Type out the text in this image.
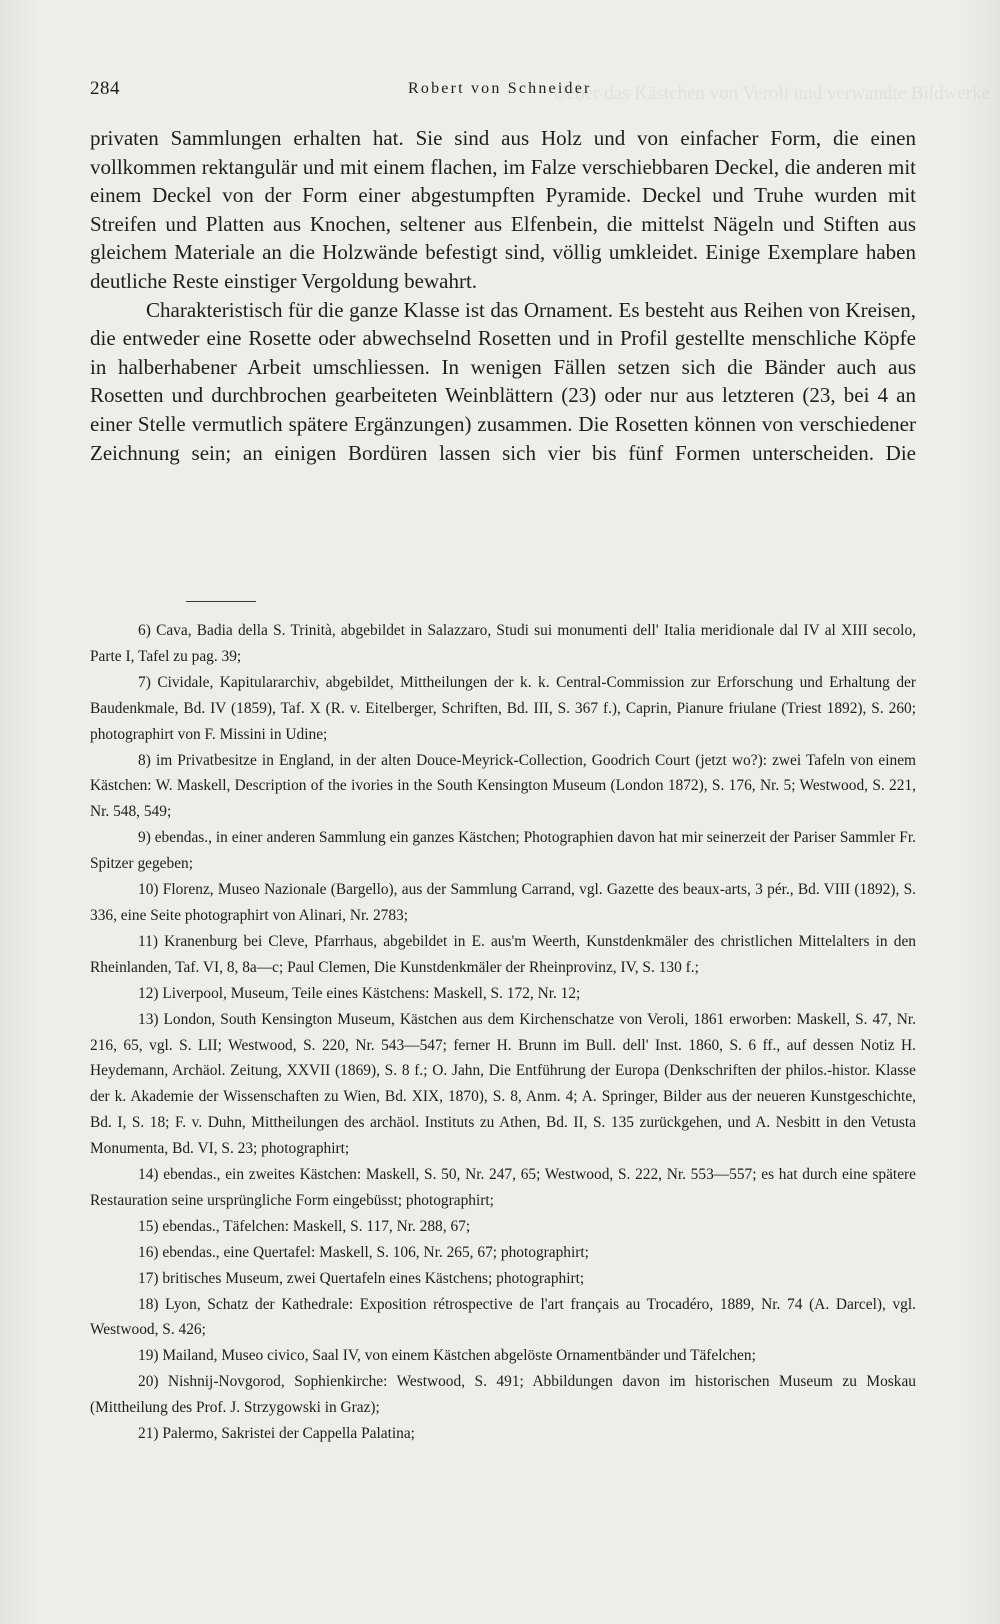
Ueber das Kästchen von Veroli und verwandte Bildwerke
284	Robert von Schneider

privaten Sammlungen erhalten hat. Sie sind aus Holz und von einfacher Form, die einen vollkommen rektangulär und mit einem flachen, im Falze verschiebbaren Deckel, die anderen mit einem Deckel von der Form einer abgestumpften Pyramide. Deckel und Truhe wurden mit Streifen und Platten aus Knochen, seltener aus Elfenbein, die mittelst Nägeln und Stiften aus gleichem Materiale an die Holzwände befestigt sind, völlig umkleidet. Einige Exemplare haben deutliche Reste einstiger Vergoldung bewahrt.

Charakteristisch für die ganze Klasse ist das Ornament. Es besteht aus Reihen von Kreisen, die entweder eine Rosette oder abwechselnd Rosetten und in Profil gestellte menschliche Köpfe in halberhabener Arbeit umschliessen. In wenigen Fällen setzen sich die Bänder auch aus Rosetten und durchbrochen gearbeiteten Weinblättern (23) oder nur aus letzteren (23, bei 4 an einer Stelle vermutlich spätere Ergänzungen) zusammen. Die Rosetten können von verschiedener Zeichnung sein; an einigen Bordüren lassen sich vier bis fünf Formen unterscheiden. Die

6) Cava, Badia della S. Trinità, abgebildet in Salazzaro, Studi sui monumenti dell' Italia meridionale dal IV al XIII secolo, Parte I, Tafel zu pag. 39;

7) Cividale, Kapitulararchiv, abgebildet, Mittheilungen der k. k. Central-Commission zur Erforschung und Erhaltung der Baudenkmale, Bd. IV (1859), Taf. X (R. v. Eitelberger, Schriften, Bd. III, S. 367 f.), Caprin, Pianure friulane (Triest 1892), S. 260; photographirt von F. Missini in Udine;

8) im Privatbesitze in England, in der alten Douce-Meyrick-Collection, Goodrich Court (jetzt wo?): zwei Tafeln von einem Kästchen: W. Maskell, Description of the ivories in the South Kensington Museum (London 1872), S. 176, Nr. 5; Westwood, S. 221, Nr. 548, 549;

9) ebendas., in einer anderen Sammlung ein ganzes Kästchen; Photographien davon hat mir seinerzeit der Pariser Sammler Fr. Spitzer gegeben;

10) Florenz, Museo Nazionale (Bargello), aus der Sammlung Carrand, vgl. Gazette des beaux-arts, 3 pér., Bd. VIII (1892), S. 336, eine Seite photographirt von Alinari, Nr. 2783;

11) Kranenburg bei Cleve, Pfarrhaus, abgebildet in E. aus'm Weerth, Kunstdenkmäler des christlichen Mittelalters in den Rheinlanden, Taf. VI, 8, 8a—c; Paul Clemen, Die Kunstdenkmäler der Rheinprovinz, IV, S. 130 f.;

12) Liverpool, Museum, Teile eines Kästchens: Maskell, S. 172, Nr. 12;

13) London, South Kensington Museum, Kästchen aus dem Kirchenschatze von Veroli, 1861 erworben: Maskell, S. 47, Nr. 216, 65, vgl. S. LII; Westwood, S. 220, Nr. 543—547; ferner H. Brunn im Bull. dell' Inst. 1860, S. 6 ff., auf dessen Notiz H. Heydemann, Archäol. Zeitung, XXVII (1869), S. 8 f.; O. Jahn, Die Entführung der Europa (Denkschriften der philos.-histor. Klasse der k. Akademie der Wissenschaften zu Wien, Bd. XIX, 1870), S. 8, Anm. 4; A. Springer, Bilder aus der neueren Kunstgeschichte, Bd. I, S. 18; F. v. Duhn, Mittheilungen des archäol. Instituts zu Athen, Bd. II, S. 135 zurückgehen, und A. Nesbitt in den Vetusta Monumenta, Bd. VI, S. 23; photographirt;

14) ebendas., ein zweites Kästchen: Maskell, S. 50, Nr. 247, 65; Westwood, S. 222, Nr. 553—557; es hat durch eine spätere Restauration seine ursprüngliche Form eingebüsst; photographirt;

15) ebendas., Täfelchen: Maskell, S. 117, Nr. 288, 67;

16) ebendas., eine Quertafel: Maskell, S. 106, Nr. 265, 67; photographirt;

17) britisches Museum, zwei Quertafeln eines Kästchens; photographirt;

18) Lyon, Schatz der Kathedrale: Exposition rétrospective de l'art français au Trocadéro, 1889, Nr. 74 (A. Darcel), vgl. Westwood, S. 426;

19) Mailand, Museo civico, Saal IV, von einem Kästchen abgelöste Ornamentbänder und Täfelchen;

20) Nishnij-Novgorod, Sophienkirche: Westwood, S. 491; Abbildungen davon im historischen Museum zu Moskau (Mittheilung des Prof. J. Strzygowski in Graz);

21) Palermo, Sakristei der Cappella Palatina;
